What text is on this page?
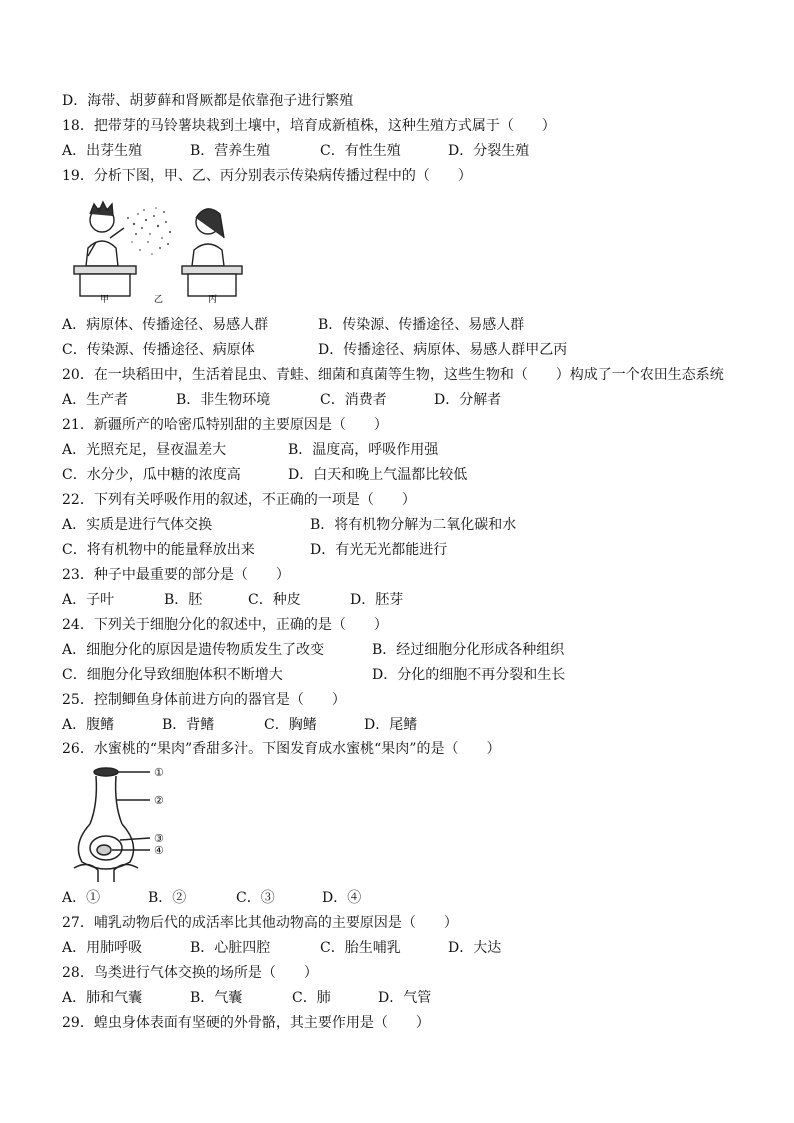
D．海带、胡萝藓和肾厥都是依靠孢子进行繁殖
18．把带芽的马铃薯块栽到土壤中，培育成新植株，这种生殖方式属于（　　）
A．出芽生殖	B．营养生殖	C．有性生殖	D．分裂生殖
19．分析下图，甲、乙、丙分别表示传染病传播过程中的（　　）
甲	乙	丙
A．病原体、传播途径、易感人群	B．传染源、传播途径、易感人群
C．传染源、传播途径、病原体	D．传播途径、病原体、易感人群甲乙丙
20．在一块稻田中，生活着昆虫、青蛙、细菌和真菌等生物，这些生物和（　　）构成了一个农田生态系统
A．生产者	B．非生物环境	C．消费者	D．分解者
21．新疆所产的哈密瓜特别甜的主要原因是（　　）
A．光照充足，昼夜温差大	B．温度高，呼吸作用强
C．水分少，瓜中糖的浓度高	D．白天和晚上气温都比较低
22．下列有关呼吸作用的叙述，不正确的一项是（　　）
A．实质是进行气体交换	B．将有机物分解为二氧化碳和水
C．将有机物中的能量释放出来	D．有光无光都能进行
23．种子中最重要的部分是（　　）
A．子叶	B．胚	C．种皮	D．胚芽
24．下列关于细胞分化的叙述中，正确的是（　　）
A．细胞分化的原因是遗传物质发生了改变	B．经过细胞分化形成各种组织
C．细胞分化导致细胞体积不断增大	D．分化的细胞不再分裂和生长
25．控制鲫鱼身体前进方向的器官是（　　）
A．腹鳍	B．背鳍	C．胸鳍	D．尾鳍
26．水蜜桃的“果肉”香甜多汁。下图发育成水蜜桃“果肉”的是（　　）
①
②
③
④
A．①	B．②	C．③	D．④
27．哺乳动物后代的成活率比其他动物高的主要原因是（　　）
A．用肺呼吸	B．心脏四腔	C．胎生哺乳	D．大达
28．鸟类进行气体交换的场所是（　　）
A．肺和气囊	B．气囊	C．肺	D．气管
29．蝗虫身体表面有坚硬的外骨骼，其主要作用是（　　）
